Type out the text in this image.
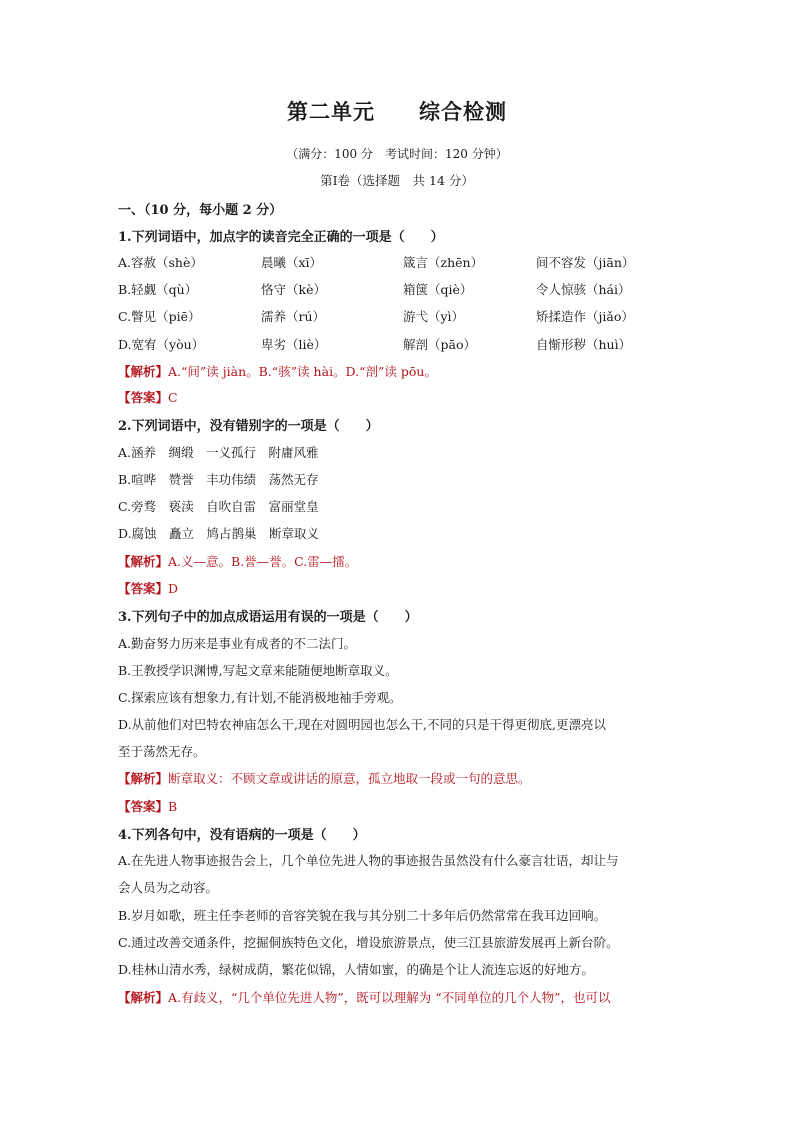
第二单元　　综合检测
（满分：100 分　考试时间：120 分钟）
第Ⅰ卷（选择题　共 14 分）
一、（10 分，每小题 2 分）
1.下列词语中，加点字的读音完全正确的一项是（　　）
A.容赦（shè）	晨曦（xī）	箴言（zhēn）	间不容发（jiān）
B.轻觑（qù）	恪守（kè）	箱箧（qiè）	令人惊骇（hái）
C.瞥见（piē）	濡养（rú）	游弋（yì）	矫揉造作（jiǎo）
D.宽宥（yòu）	卑劣（liè）	解剖（pāo）	自惭形秽（huì）
【解析】A.“间”读 jiàn。B.“骇”读 hài。D.“剖”读 pōu。
【答案】C
2.下列词语中，没有错别字的一项是（　　）
A.涵养　绸缎　一义孤行　附庸风雅
B.喧哗　赞誉　丰功伟绩　荡然无存
C.旁骛　亵渎　自吹自雷　富丽堂皇
D.腐蚀　矗立　鸠占鹊巢　断章取义
【解析】A.义—意。B.誉—誉。C.雷—擂。
【答案】D
3.下列句子中的加点成语运用有误的一项是（　　）
A.勤奋努力历来是事业有成者的不二法门。
B.王教授学识渊博,写起文章来能随便地断章取义。
C.探索应该有想象力,有计划,不能消极地袖手旁观。
D.从前他们对巴特农神庙怎么干,现在对圆明园也怎么干,不同的只是干得更彻底,更漂亮以
至于荡然无存。
【解析】断章取义：不顾文章或讲话的原意，孤立地取一段或一句的意思。
【答案】B
4.下列各句中，没有语病的一项是（　　）
A.在先进人物事迹报告会上，几个单位先进人物的事迹报告虽然没有什么豪言壮语，却让与
会人员为之动容。
B.岁月如歌，班主任李老师的音容笑貌在我与其分别二十多年后仍然常常在我耳边回响。
C.通过改善交通条件，挖掘侗族特色文化，增设旅游景点，使三江县旅游发展再上新台阶。
D.桂林山清水秀，绿树成荫，繁花似锦，人情如蜜，的确是个让人流连忘返的好地方。
【解析】A.有歧义，“几个单位先进人物”，既可以理解为 “不同单位的几个人物”，也可以
